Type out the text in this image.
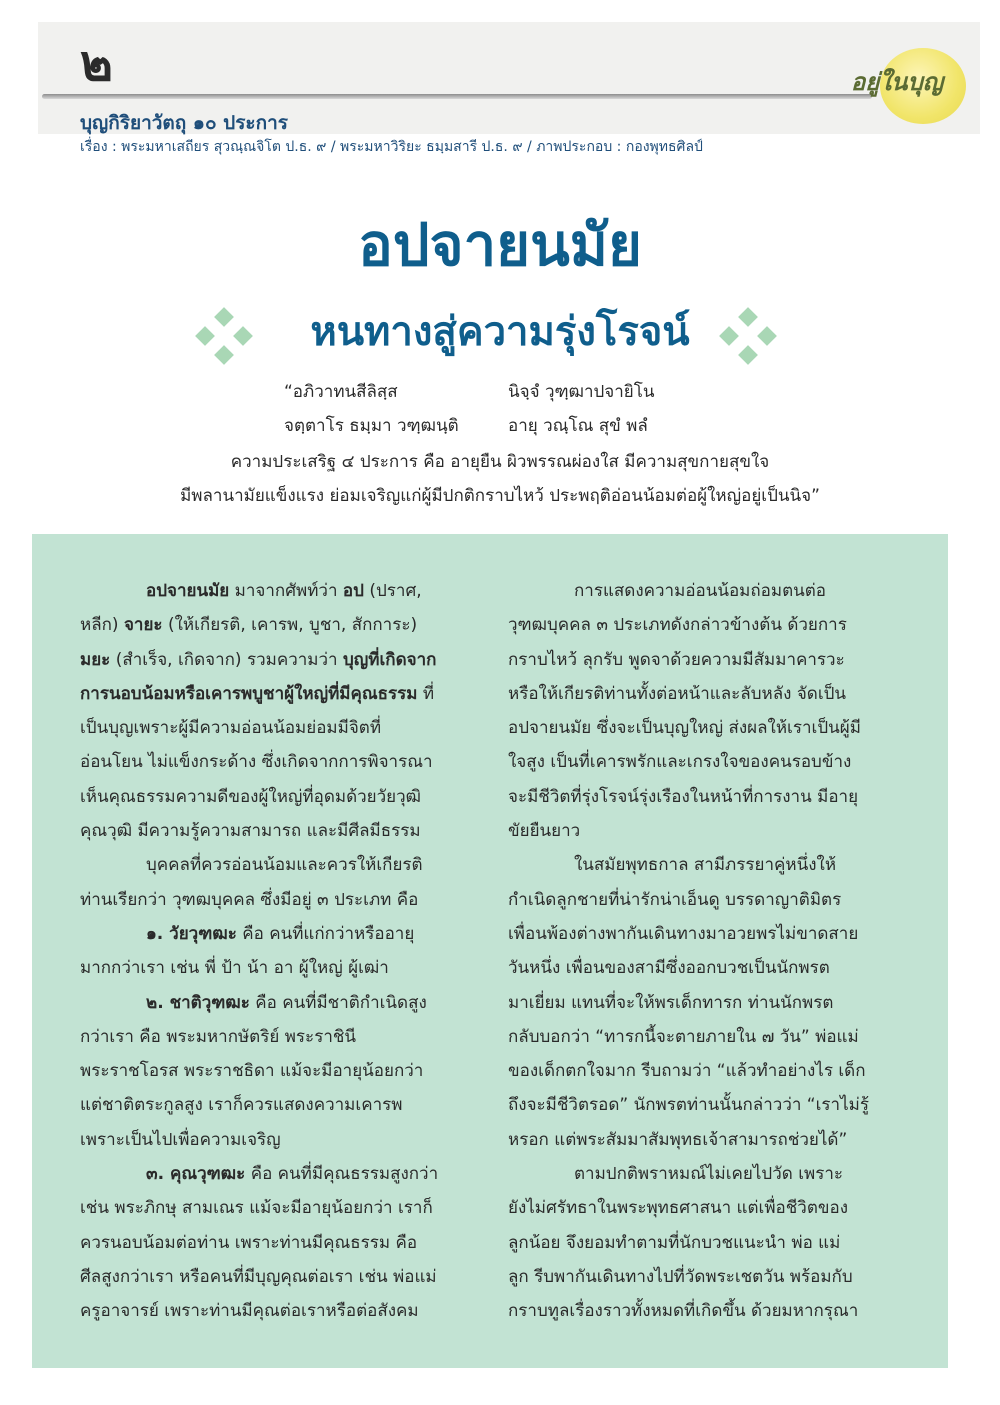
๒	อยู่ในบุญ
บุญกิริยาวัตถุ ๑๐ ประการ
เรื่อง : พระมหาเสถียร สุวณฺณจิโต ป.ธ. ๙ / พระมหาวิริยะ ธมฺมสารี ป.ธ. ๙ / ภาพประกอบ : กองพุทธศิลป์
อปจายนมัย
หนทางสู่ความรุ่งโรจน์
“อภิวาทนสีลิสฺส	นิจฺจํ วุฑฺฒาปจายิโน
จตฺตาโร ธมฺมา วฑฺฒนฺติ	อายุ วณฺโณ สุขํ พลํ
ความประเสริฐ ๔ ประการ คือ อายุยืน ผิวพรรณผ่องใส มีความสุขกายสุขใจ
มีพลานามัยแข็งแรง ย่อมเจริญแก่ผู้มีปกติกราบไหว้ ประพฤติอ่อนน้อมต่อผู้ใหญ่อยู่เป็นนิจ”
อปจายนมัย มาจากศัพท์ว่า อป (ปราศ,
หลีก) จายะ (ให้เกียรติ, เคารพ, บูชา, สักการะ)
มยะ (สำเร็จ, เกิดจาก) รวมความว่า บุญที่เกิดจาก
การนอบน้อมหรือเคารพบูชาผู้ใหญ่ที่มีคุณธรรม ที่
เป็นบุญเพราะผู้มีความอ่อนน้อมย่อมมีจิตที่
อ่อนโยน ไม่แข็งกระด้าง ซึ่งเกิดจากการพิจารณา
เห็นคุณธรรมความดีของผู้ใหญ่ที่อุดมด้วยวัยวุฒิ
คุณวุฒิ มีความรู้ความสามารถ และมีศีลมีธรรม
บุคคลที่ควรอ่อนน้อมและควรให้เกียรติ
ท่านเรียกว่า วุฑฒบุคคล ซึ่งมีอยู่ ๓ ประเภท คือ
๑. วัยวุฑฒะ คือ คนที่แก่กว่าหรืออายุ
มากกว่าเรา เช่น พี่ ป้า น้า อา ผู้ใหญ่ ผู้เฒ่า
๒. ชาติวุฑฒะ คือ คนที่มีชาติกำเนิดสูง
กว่าเรา คือ พระมหากษัตริย์ พระราชินี
พระราชโอรส พระราชธิดา แม้จะมีอายุน้อยกว่า
แต่ชาติตระกูลสูง เราก็ควรแสดงความเคารพ
เพราะเป็นไปเพื่อความเจริญ
๓. คุณวุฑฒะ คือ คนที่มีคุณธรรมสูงกว่า
เช่น พระภิกษุ สามเณร แม้จะมีอายุน้อยกว่า เราก็
ควรนอบน้อมต่อท่าน เพราะท่านมีคุณธรรม คือ
ศีลสูงกว่าเรา หรือคนที่มีบุญคุณต่อเรา เช่น พ่อแม่
ครูอาจารย์ เพราะท่านมีคุณต่อเราหรือต่อสังคม
การแสดงความอ่อนน้อมถ่อมตนต่อ
วุฑฒบุคคล ๓ ประเภทดังกล่าวข้างต้น ด้วยการ
กราบไหว้ ลุกรับ พูดจาด้วยความมีสัมมาคารวะ
หรือให้เกียรติท่านทั้งต่อหน้าและลับหลัง จัดเป็น
อปจายนมัย ซึ่งจะเป็นบุญใหญ่ ส่งผลให้เราเป็นผู้มี
ใจสูง เป็นที่เคารพรักและเกรงใจของคนรอบข้าง
จะมีชีวิตที่รุ่งโรจน์รุ่งเรืองในหน้าที่การงาน มีอายุ
ขัยยืนยาว
ในสมัยพุทธกาล สามีภรรยาคู่หนึ่งให้
กำเนิดลูกชายที่น่ารักน่าเอ็นดู บรรดาญาติมิตร
เพื่อนพ้องต่างพากันเดินทางมาอวยพรไม่ขาดสาย
วันหนึ่ง เพื่อนของสามีซึ่งออกบวชเป็นนักพรต
มาเยี่ยม แทนที่จะให้พรเด็กทารก ท่านนักพรต
กลับบอกว่า “ทารกนี้จะตายภายใน ๗ วัน” พ่อแม่
ของเด็กตกใจมาก รีบถามว่า “แล้วทำอย่างไร เด็ก
ถึงจะมีชีวิตรอด” นักพรตท่านนั้นกล่าวว่า “เราไม่รู้
หรอก แต่พระสัมมาสัมพุทธเจ้าสามารถช่วยได้”
ตามปกติพราหมณ์ไม่เคยไปวัด เพราะ
ยังไม่ศรัทธาในพระพุทธศาสนา แต่เพื่อชีวิตของ
ลูกน้อย จึงยอมทำตามที่นักบวชแนะนำ พ่อ แม่
ลูก รีบพากันเดินทางไปที่วัดพระเชตวัน พร้อมกับ
กราบทูลเรื่องราวทั้งหมดที่เกิดขึ้น ด้วยมหากรุณา
